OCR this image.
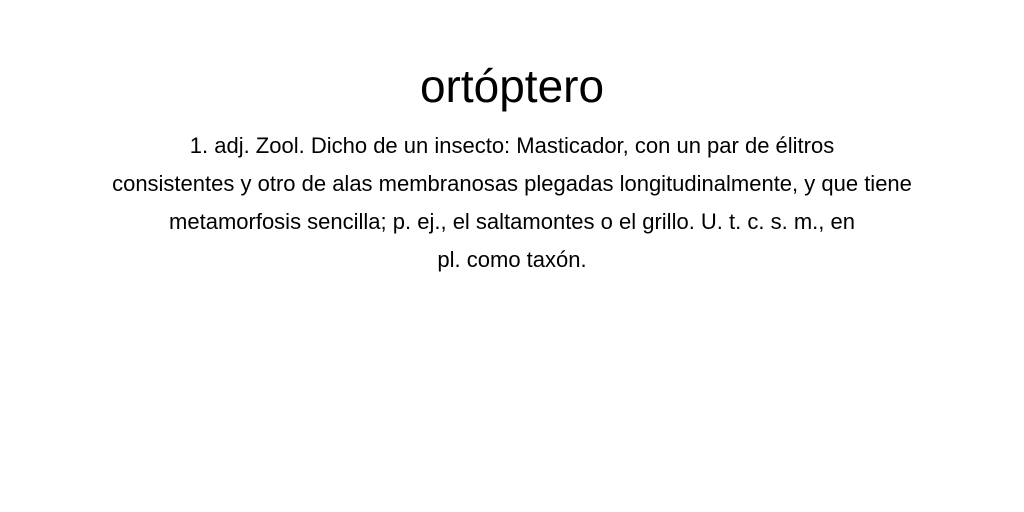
ortóptero

1. adj. Zool. Dicho de un insecto: Masticador, con un par de élitros
consistentes y otro de alas membranosas plegadas longitudinalmente, y que tiene
metamorfosis sencilla; p. ej., el saltamontes o el grillo. U. t. c. s. m., en
pl. como taxón.
